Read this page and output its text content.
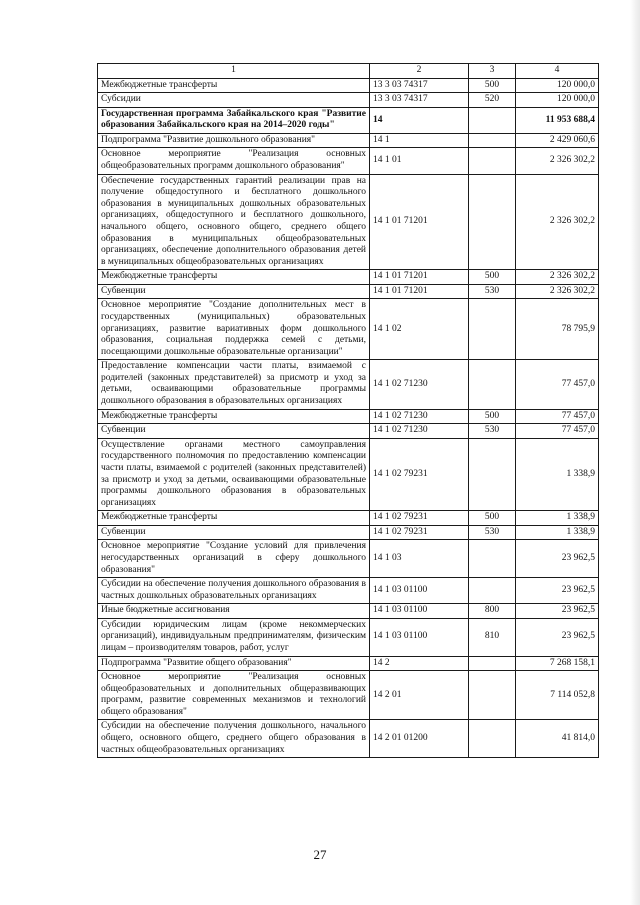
1	2	3	4
Межбюджетные трансферты	13 3 03 74317	500	120 000,0
Субсидии	13 3 03 74317	520	120 000,0
Государственная программа Забайкальского края "Развитие образования Забайкальского края на 2014–2020 годы"	14		11 953 688,4
Подпрограмма "Развитие дошкольного образования"	14 1		2 429 060,6
Основное мероприятие "Реализация основных общеобразовательных программ дошкольного образования"	14 1 01		2 326 302,2
Обеспечение государственных гарантий реализации прав на получение общедоступного и бесплатного дошкольного образования в муниципальных дошкольных образовательных организациях, общедоступного и бесплатного дошкольного, начального общего, основного общего, среднего общего образования в муниципальных общеобразовательных организациях, обеспечение дополнительного образования детей в муниципальных общеобразовательных организациях	14 1 01 71201		2 326 302,2
Межбюджетные трансферты	14 1 01 71201	500	2 326 302,2
Субвенции	14 1 01 71201	530	2 326 302,2
Основное мероприятие "Создание дополнительных мест в государственных (муниципальных) образовательных организациях, развитие вариативных форм дошкольного образования, социальная поддержка семей с детьми, посещающими дошкольные образовательные организации"	14 1 02		78 795,9
Предоставление компенсации части платы, взимаемой с родителей (законных представителей) за присмотр и уход за детьми, осваивающими образовательные программы дошкольного образования в образовательных организациях	14 1 02 71230		77 457,0
Межбюджетные трансферты	14 1 02 71230	500	77 457,0
Субвенции	14 1 02 71230	530	77 457,0
Осуществление органами местного самоуправления государственного полномочия по предоставлению компенсации части платы, взимаемой с родителей (законных представителей) за присмотр и уход за детьми, осваивающими образовательные программы дошкольного образования в образовательных организациях	14 1 02 79231		1 338,9
Межбюджетные трансферты	14 1 02 79231	500	1 338,9
Субвенции	14 1 02 79231	530	1 338,9
Основное мероприятие "Создание условий для привлечения негосударственных организаций в сферу дошкольного образования"	14 1 03		23 962,5
Субсидии на обеспечение получения дошкольного образования в частных дошкольных образовательных организациях	14 1 03 01100		23 962,5
Иные бюджетные ассигнования	14 1 03 01100	800	23 962,5
Субсидии юридическим лицам (кроме некоммерческих организаций), индивидуальным предпринимателям, физическим лицам – производителям товаров, работ, услуг	14 1 03 01100	810	23 962,5
Подпрограмма "Развитие общего образования"	14 2		7 268 158,1
Основное мероприятие "Реализация основных общеобразовательных и дополнительных общеразвивающих программ, развитие современных механизмов и технологий общего образования"	14 2 01		7 114 052,8
Субсидии на обеспечение получения дошкольного, начального общего, основного общего, среднего общего образования в частных общеобразовательных организациях	14 2 01 01200		41 814,0
27
